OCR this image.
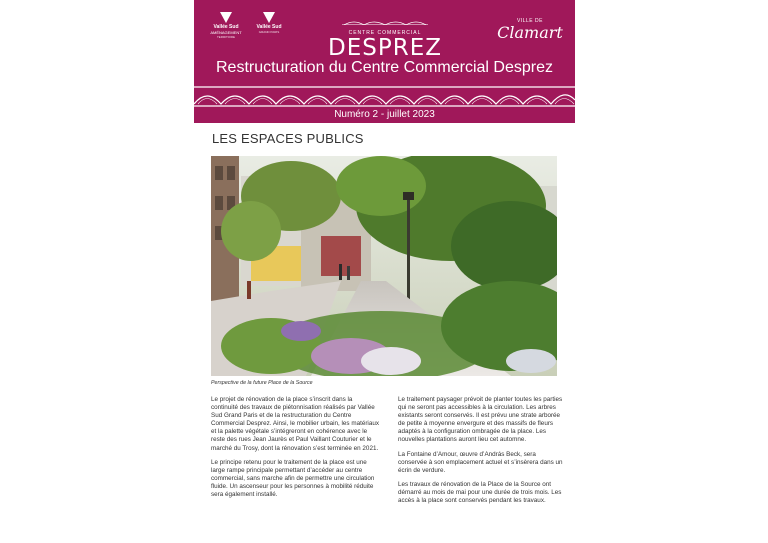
Vallée Sud
AMÉNAGEMENT
TERRITOIRE
Vallée Sud
GRAND PARIS	CENTRE COMMERCIAL
DESPREZ
VILLE DE
Clamart
Restructuration du Centre Commercial Desprez
Numéro 2 - juillet 2023
LES ESPACES PUBLICS
Perspective de la future Place de la Source

Le projet de rénovation de la place s’inscrit dans la continuité des travaux de piétonnisation réalisés par Vallée Sud Grand Paris et de la restructuration du Centre Commercial Desprez. Ainsi, le mobilier urbain, les matériaux et la palette végétale s’intégreront en cohérence avec le reste des rues Jean Jaurès et Paul Vaillant Couturier et le marché du Trosy, dont la rénovation s’est terminée en 2021.

Le principe retenu pour le traitement de la place est une large rampe principale permettant d’accéder au centre commercial, sans marche afin de permettre une circulation fluide. Un ascenseur pour les personnes à mobilité réduite sera également installé.

Le traitement paysager prévoit de planter toutes les parties qui ne seront pas accessibles à la circulation. Les arbres existants seront conservés. Il est prévu une strate arborée de petite à moyenne envergure et des massifs de fleurs adaptés à la configuration ombragée de la place. Les nouvelles plantations auront lieu cet automne.

La Fontaine d’Amour, œuvre d’András Beck, sera conservée à son emplacement actuel et s’insèrera dans un écrin de verdure.

Les travaux de rénovation de la Place de la Source ont démarré au mois de mai pour une durée de trois mois. Les accès à la place sont conservés pendant les travaux.
